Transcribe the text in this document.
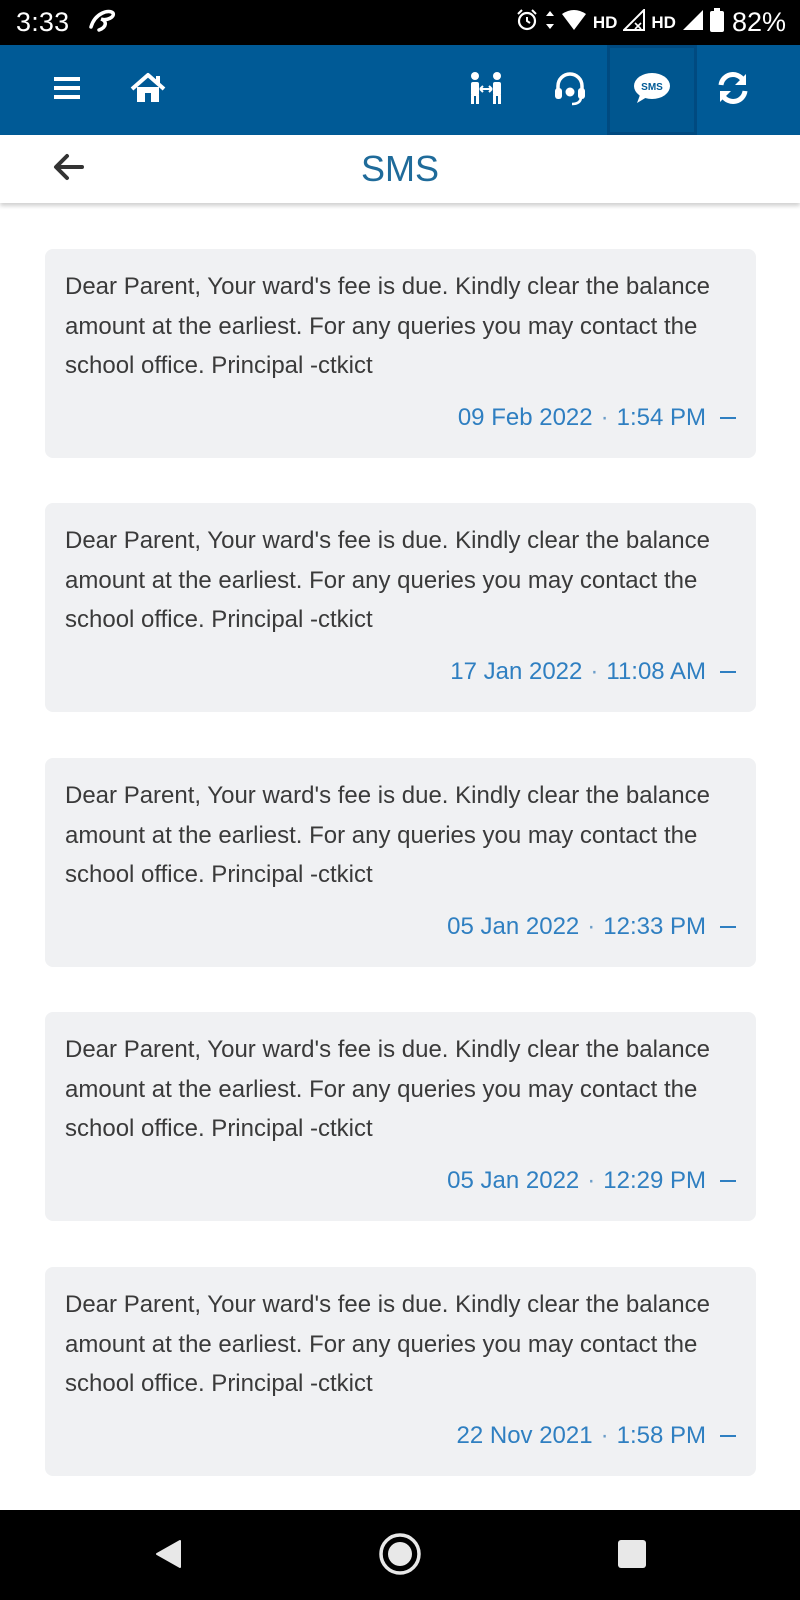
3:33	HD HD 82%
SMS
SMS
Dear Parent, Your ward's fee is due. Kindly clear the balance amount at the earliest. For any queries you may contact the school office. Principal -ctkict
09 Feb 2022 · 1:54 PM
Dear Parent, Your ward's fee is due. Kindly clear the balance amount at the earliest. For any queries you may contact the school office. Principal -ctkict
17 Jan 2022 · 11:08 AM
Dear Parent, Your ward's fee is due. Kindly clear the balance amount at the earliest. For any queries you may contact the school office. Principal -ctkict
05 Jan 2022 · 12:33 PM
Dear Parent, Your ward's fee is due. Kindly clear the balance amount at the earliest. For any queries you may contact the school office. Principal -ctkict
05 Jan 2022 · 12:29 PM
Dear Parent, Your ward's fee is due. Kindly clear the balance amount at the earliest. For any queries you may contact the school office. Principal -ctkict
22 Nov 2021 · 1:58 PM
